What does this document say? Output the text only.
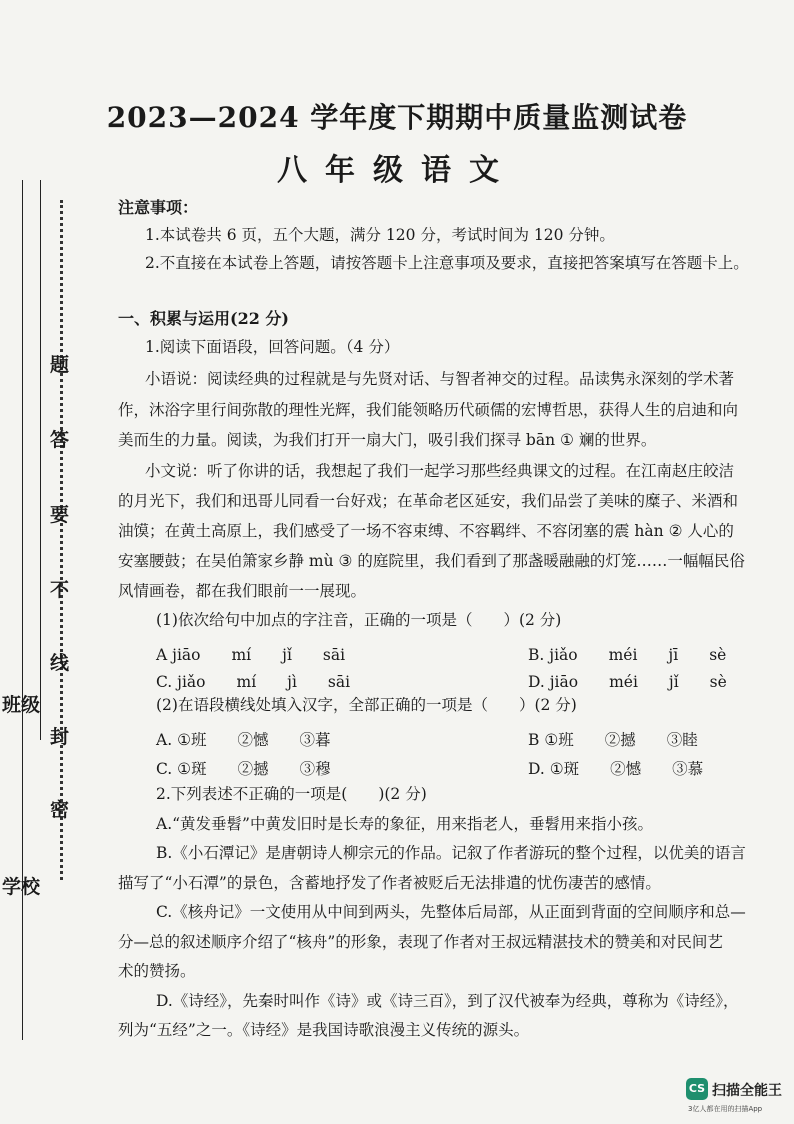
学校
班级
密
封
线
不
要
答
题
2023—2024 学年度下期期中质量监测试卷
八年级语文
注意事项：
1.本试卷共 6 页，五个大题，满分 120 分，考试时间为 120 分钟。
2.不直接在本试卷上答题，请按答题卡上注意事项及要求，直接把答案填写在答题卡上。
一、积累与运用(22 分)
1.阅读下面语段，回答问题。（4 分）
小语说：阅读经典的过程就是与先贤对话、与智者神交的过程。品读隽永深刻的学术著
作，沐浴字里行间弥散的理性光辉，我们能领略历代硕儒的宏博哲思，获得人生的启迪和向
美而生的力量。阅读，为我们打开一扇大门，吸引我们探寻 bān ① 斓的世界。
小文说：听了你讲的话，我想起了我们一起学习那些经典课文的过程。在江南赵庄皎洁
的月光下，我们和迅哥儿同看一台好戏；在革命老区延安，我们品尝了美味的糜子、米酒和
油馍；在黄土高原上，我们感受了一场不容束缚、不容羁绊、不容闭塞的震 hàn ② 人心的
安塞腰鼓；在吴伯箫家乡静 mù ③ 的庭院里，我们看到了那盏暖融融的灯笼……一幅幅民俗
风情画卷，都在我们眼前一一展现。
(1)依次给句中加点的字注音，正确的一项是（　　）(2 分)
A jiāo　　mí　　jǐ　　sāi	B. jiǎo　　méi　　jī　　sè
C. jiǎo　　mí　　jì　　sāi	D. jiāo　　méi　　jǐ　　sè
(2)在语段横线处填入汉字，全部正确的一项是（　　）(2 分)
A. ①班　　②憾　　③暮	B ①班　　②撼　　③睦
C. ①斑　　②撼　　③穆	D. ①斑　　②憾　　③慕
2.下列表述不正确的一项是(　　)(2 分)
A.“黄发垂髫”中黄发旧时是长寿的象征，用来指老人，垂髫用来指小孩。
B.《小石潭记》是唐朝诗人柳宗元的作品。记叙了作者游玩的整个过程，以优美的语言
描写了“小石潭”的景色，含蓄地抒发了作者被贬后无法排遣的忧伤凄苦的感情。
C.《核舟记》一文使用从中间到两头，先整体后局部，从正面到背面的空间顺序和总—
分—总的叙述顺序介绍了“核舟”的形象，表现了作者对王叔远精湛技术的赞美和对民间艺
术的赞扬。
D.《诗经》，先秦时叫作《诗》或《诗三百》，到了汉代被奉为经典，尊称为《诗经》，
列为“五经”之一。《诗经》是我国诗歌浪漫主义传统的源头。
CS 扫描全能王
3亿人都在用的扫描App
